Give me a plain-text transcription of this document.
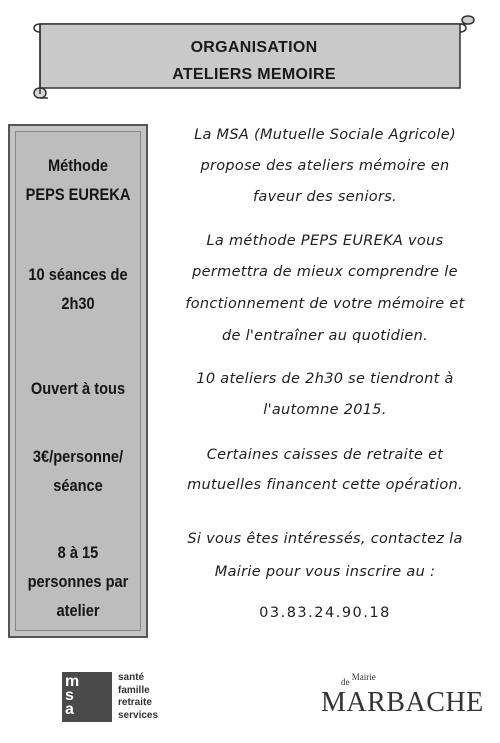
ORGANISATION
ATELIERS MEMOIRE
Méthode
PEPS EUREKA
10 séances de
2h30
Ouvert à tous
3€/personne/
séance
8 à 15
personnes par
atelier

La MSA (Mutuelle Sociale Agricole)

propose des ateliers mémoire en

faveur des seniors.

La méthode PEPS EUREKA vous

permettra de mieux comprendre le

fonctionnement de votre mémoire et

de l'entraîner au quotidien.

10 ateliers de 2h30 se tiendront à

l'automne 2015.

Certaines caisses de retraite et

mutuelles financent cette opération.

Si vous êtes intéressés, contactez la

Mairie pour vous inscrire au :

03.83.24.90.18

m
s
a
santé
famille
retraite
services
de Mairie
MARBACHE
